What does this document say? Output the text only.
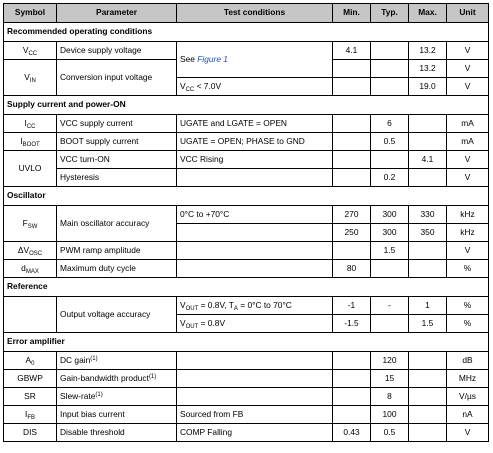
Symbol	Parameter	Test conditions	Min.	Typ.	Max.	Unit
Recommended operating conditions						
$V_{CC}$	Device supply voltage	See Figure 1	4.1		13.2	V
$V_{IN}$	Conversion input voltage				13.2	V
		$V_{CC} < 7.0V$			19.0	V
Supply current and power-ON						
$I_{CC}$	VCC supply current	UGATE and LGATE = OPEN		6		mA
$I_{BOOT}$	BOOT supply current	UGATE = OPEN; PHASE to GND		0.5		mA
UVLO	VCC turn-ON	VCC Rising			4.1	V
	Hysteresis			0.2		V
Oscillator						
$F_{SW}$	Main oscillator accuracy	0°C to +70°C	270	300	330	kHz
			250	300	350	kHz
$\Delta V_{OSC}$	PWM ramp amplitude			1.5		V
$d_{MAX}$	Maximum duty cycle		80			%
Reference						
	Output voltage accuracy	$V_{OUT} = 0.8V$, $T_A = 0^\circ C$ to 70°C	-1	-	1	%
		$V_{OUT} = 0.8V$	-1.5		1.5	%
Error amplifier						
$A_0$	DC gain$^{(1)}$			120		dB
GBWP	Gain-bandwidth product$^{(1)}$			15		MHz
SR	Slew-rate$^{(1)}$			8		V/µs
$I_{FB}$	Input bias current	Sourced from FB		100		nA
DIS	Disable threshold	COMP Falling	0.43	0.5		V
